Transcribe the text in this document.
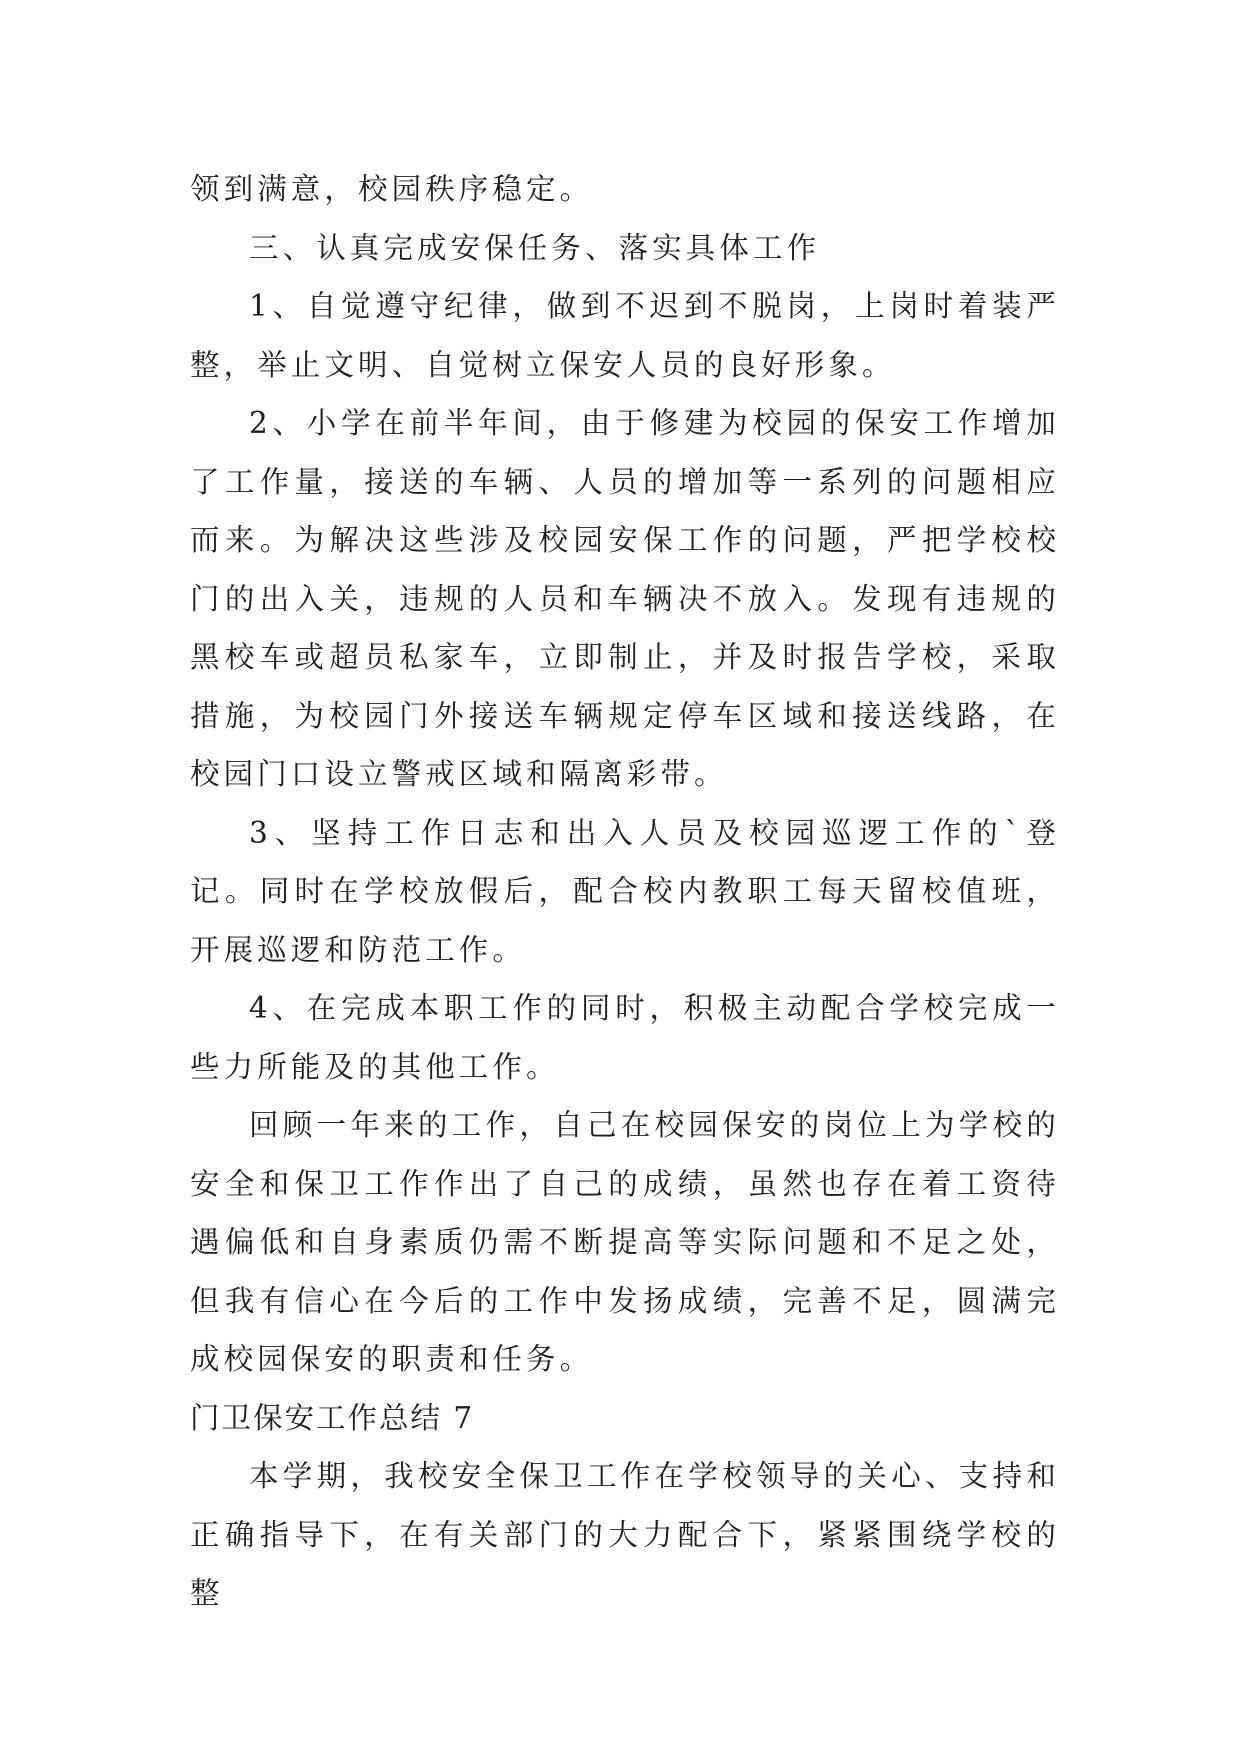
领到满意，校园秩序稳定。

三、认真完成安保任务、落实具体工作

1、自觉遵守纪律，做到不迟到不脱岗，上岗时着装严整，举止文明、自觉树立保安人员的良好形象。

2、小学在前半年间，由于修建为校园的保安工作增加了工作量，接送的车辆、人员的增加等一系列的问题相应而来。为解决这些涉及校园安保工作的问题，严把学校校门的出入关，违规的人员和车辆决不放入。发现有违规的黑校车或超员私家车，立即制止，并及时报告学校，采取措施，为校园门外接送车辆规定停车区域和接送线路，在校园门口设立警戒区域和隔离彩带。

3、坚持工作日志和出入人员及校园巡逻工作的`登记。同时在学校放假后，配合校内教职工每天留校值班，开展巡逻和防范工作。

4、在完成本职工作的同时，积极主动配合学校完成一些力所能及的其他工作。

回顾一年来的工作，自己在校园保安的岗位上为学校的安全和保卫工作作出了自己的成绩，虽然也存在着工资待遇偏低和自身素质仍需不断提高等实际问题和不足之处，但我有信心在今后的工作中发扬成绩，完善不足，圆满完成校园保安的职责和任务。

门卫保安工作总结 7

本学期，我校安全保卫工作在学校领导的关心、支持和正确指导下，在有关部门的大力配合下，紧紧围绕学校的整
